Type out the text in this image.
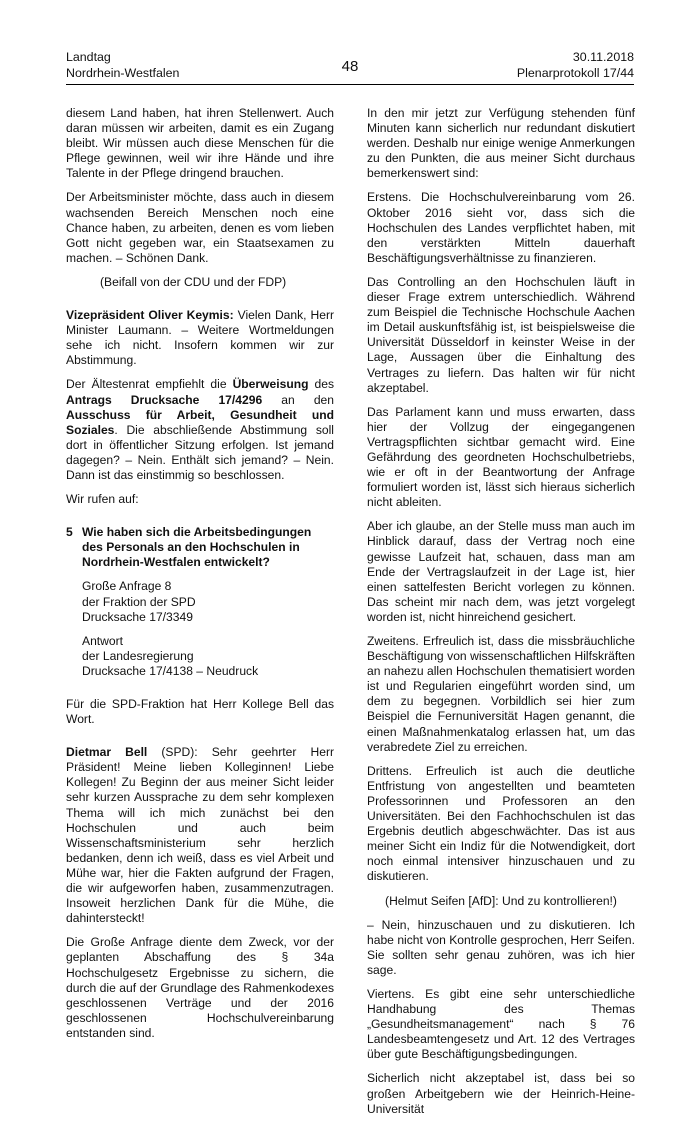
Landtag
Nordrhein-Westfalen	48
30.11.2018
Plenarprotokoll 17/44

diesem Land haben, hat ihren Stellenwert. Auch daran müssen wir arbeiten, damit es ein Zugang bleibt. Wir müssen auch diese Menschen für die Pflege gewinnen, weil wir ihre Hände und ihre Talente in der Pflege dringend brauchen.

Der Arbeitsminister möchte, dass auch in diesem wachsenden Bereich Menschen noch eine Chance haben, zu arbeiten, denen es vom lieben Gott nicht gegeben war, ein Staatsexamen zu machen. – Schönen Dank.

(Beifall von der CDU und der FDP)

Vizepräsident Oliver Keymis: Vielen Dank, Herr Minister Laumann. – Weitere Wortmeldungen sehe ich nicht. Insofern kommen wir zur Abstimmung.

Der Ältestenrat empfiehlt die Überweisung des Antrags Drucksache 17/4296 an den Ausschuss für Arbeit, Gesundheit und Soziales. Die abschließende Abstimmung soll dort in öffentlicher Sitzung erfolgen. Ist jemand dagegen? – Nein. Enthält sich jemand? – Nein. Dann ist das einstimmig so beschlossen.

Wir rufen auf:

5 Wie haben sich die Arbeitsbedingungen des Personals an den Hochschulen in Nordrhein-Westfalen entwickelt?
Große Anfrage 8
der Fraktion der SPD
Drucksache 17/3349
Antwort
der Landesregierung
Drucksache 17/4138 – Neudruck

Für die SPD-Fraktion hat Herr Kollege Bell das Wort.

Dietmar Bell (SPD): Sehr geehrter Herr Präsident! Meine lieben Kolleginnen! Liebe Kollegen! Zu Beginn der aus meiner Sicht leider sehr kurzen Aussprache zu dem sehr komplexen Thema will ich mich zunächst bei den Hochschulen und auch beim Wissenschaftsministerium sehr herzlich bedanken, denn ich weiß, dass es viel Arbeit und Mühe war, hier die Fakten aufgrund der Fragen, die wir aufgeworfen haben, zusammenzutragen. Insoweit herzlichen Dank für die Mühe, die dahintersteckt!

Die Große Anfrage diente dem Zweck, vor der geplanten Abschaffung des § 34a Hochschulgesetz Ergebnisse zu sichern, die durch die auf der Grundlage des Rahmenkodexes geschlossenen Verträge und der 2016 geschlossenen Hochschulvereinbarung entstanden sind.

In den mir jetzt zur Verfügung stehenden fünf Minuten kann sicherlich nur redundant diskutiert werden. Deshalb nur einige wenige Anmerkungen zu den Punkten, die aus meiner Sicht durchaus bemerkenswert sind:

Erstens. Die Hochschulvereinbarung vom 26. Oktober 2016 sieht vor, dass sich die Hochschulen des Landes verpflichtet haben, mit den verstärkten Mitteln dauerhaft Beschäftigungsverhältnisse zu finanzieren.

Das Controlling an den Hochschulen läuft in dieser Frage extrem unterschiedlich. Während zum Beispiel die Technische Hochschule Aachen im Detail auskunftsfähig ist, ist beispielsweise die Universität Düsseldorf in keinster Weise in der Lage, Aussagen über die Einhaltung des Vertrages zu liefern. Das halten wir für nicht akzeptabel.

Das Parlament kann und muss erwarten, dass hier der Vollzug der eingegangenen Vertragspflichten sichtbar gemacht wird. Eine Gefährdung des geordneten Hochschulbetriebs, wie er oft in der Beantwortung der Anfrage formuliert worden ist, lässt sich hieraus sicherlich nicht ableiten.

Aber ich glaube, an der Stelle muss man auch im Hinblick darauf, dass der Vertrag noch eine gewisse Laufzeit hat, schauen, dass man am Ende der Vertragslaufzeit in der Lage ist, hier einen sattelfesten Bericht vorlegen zu können. Das scheint mir nach dem, was jetzt vorgelegt worden ist, nicht hinreichend gesichert.

Zweitens. Erfreulich ist, dass die missbräuchliche Beschäftigung von wissenschaftlichen Hilfskräften an nahezu allen Hochschulen thematisiert worden ist und Regularien eingeführt worden sind, um dem zu begegnen. Vorbildlich sei hier zum Beispiel die Fernuniversität Hagen genannt, die einen Maßnahmenkatalog erlassen hat, um das verabredete Ziel zu erreichen.

Drittens. Erfreulich ist auch die deutliche Entfristung von angestellten und beamteten Professorinnen und Professoren an den Universitäten. Bei den Fachhochschulen ist das Ergebnis deutlich abgeschwächter. Das ist aus meiner Sicht ein Indiz für die Notwendigkeit, dort noch einmal intensiver hinzuschauen und zu diskutieren.

(Helmut Seifen [AfD]: Und zu kontrollieren!)

– Nein, hinzuschauen und zu diskutieren. Ich habe nicht von Kontrolle gesprochen, Herr Seifen. Sie sollten sehr genau zuhören, was ich hier sage.

Viertens. Es gibt eine sehr unterschiedliche Handhabung des Themas „Gesundheitsmanagement“ nach § 76 Landesbeamtengesetz und Art. 12 des Vertrages über gute Beschäftigungsbedingungen.

Sicherlich nicht akzeptabel ist, dass bei so großen Arbeitgebern wie der Heinrich-Heine-Universität
